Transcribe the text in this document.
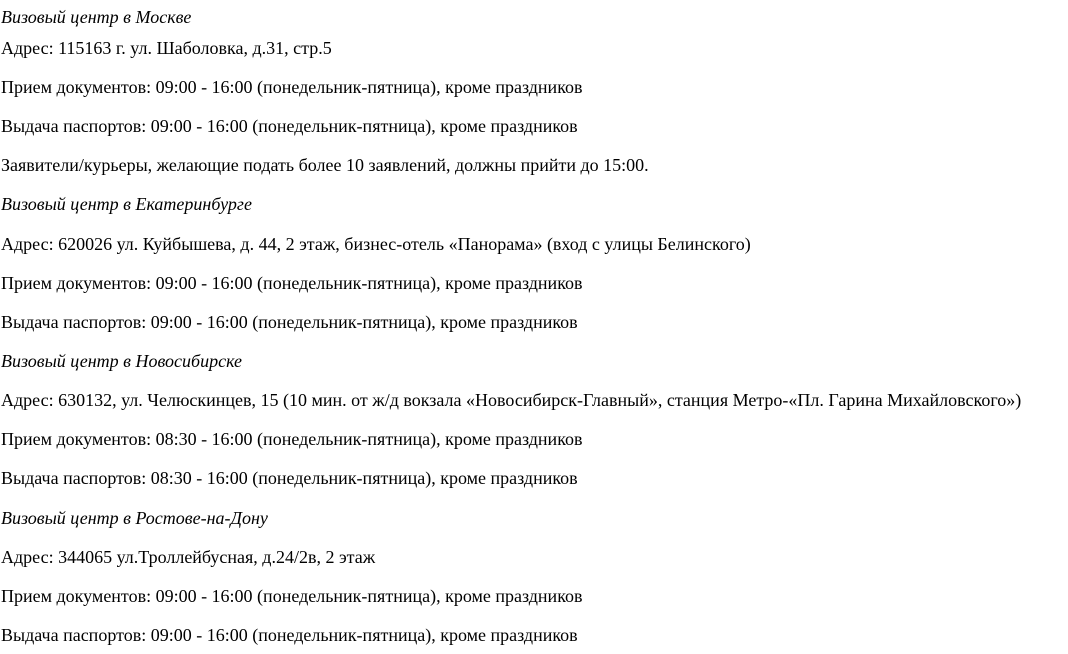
Визовый центр в Москве
Адрес: 115163 г. ул. Шаболовка, д.31, стр.5
Прием документов: 09:00 - 16:00 (понедельник-пятница), кроме праздников
Выдача паспортов: 09:00 - 16:00 (понедельник-пятница), кроме праздников
Заявители/курьеры, желающие подать более 10 заявлений, должны прийти до 15:00.
Визовый центр в Екатеринбурге
Адрес: 620026 ул. Куйбышева, д. 44, 2 этаж, бизнес-отель «Панорама» (вход с улицы Белинского)
Прием документов: 09:00 - 16:00 (понедельник-пятница), кроме праздников
Выдача паспортов: 09:00 - 16:00 (понедельник-пятница), кроме праздников
Визовый центр в Новосибирске
Адрес: 630132, ул. Челюскинцев, 15 (10 мин. от ж/д вокзала «Новосибирск-Главный», станция Метро-«Пл. Гарина Михайловского»)
Прием документов: 08:30 - 16:00 (понедельник-пятница), кроме праздников
Выдача паспортов: 08:30 - 16:00 (понедельник-пятница), кроме праздников
Визовый центр в Ростове-на-Дону
Адрес: 344065 ул.Троллейбусная, д.24/2в, 2 этаж
Прием документов: 09:00 - 16:00 (понедельник-пятница), кроме праздников
Выдача паспортов: 09:00 - 16:00 (понедельник-пятница), кроме праздников
